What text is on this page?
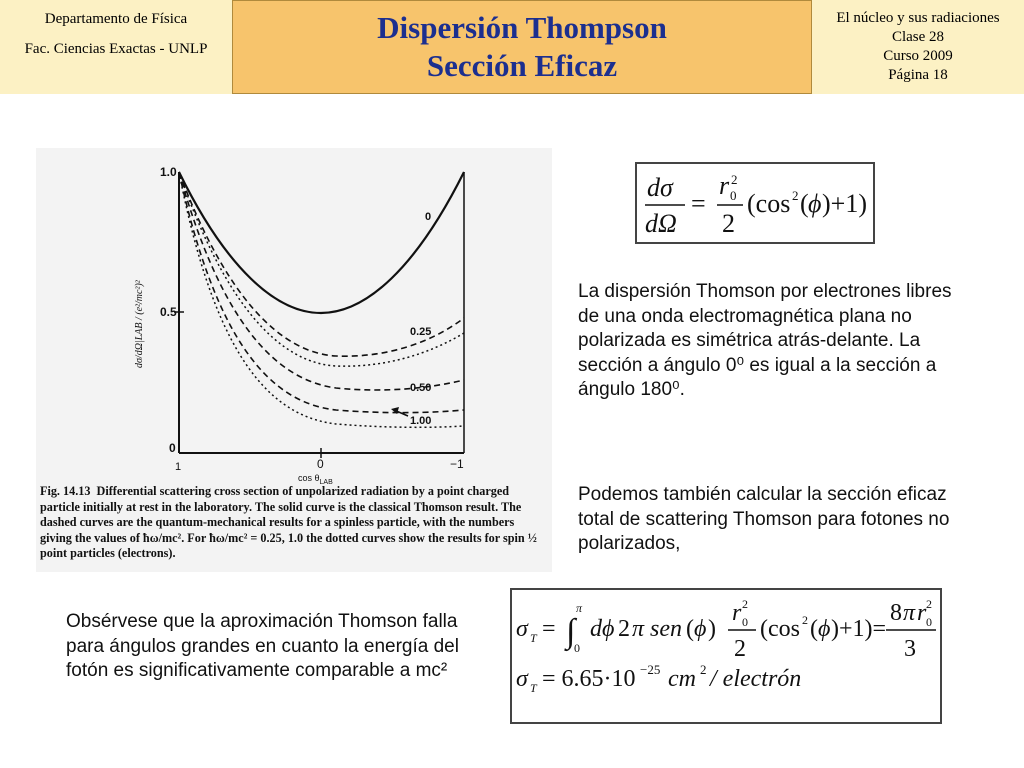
Departamento de Física
Fac. Ciencias Exactas - UNLP
Dispersión Thompson
Sección Eficaz
El núcleo y sus radiaciones
Clase 28
Curso 2009
Página 18
1.0
0.5
0
1	0	−1
$\cos \theta_{LAB}$
dσ/dΩ|LAB / (e²/mc²)²
0
0.25
0.50
1.00
Fig. 14.13 Differential scattering cross section of unpolarized radiation by a point charged particle initially at rest in the laboratory. The solid curve is the classical Thomson result. The dashed curves are the quantum-mechanical results for a spinless particle, with the numbers giving the values of ħω/mc². For ħω/mc² = 0.25, 1.0 the dotted curves show the results for spin ½ point particles (electrons).
dσ
dΩ
=
r 0
2
2
(cos 2 ( ϕ )+1)
La dispersión Thomson por electrones libres de una onda electromagnética plana no polarizada es simétrica atrás-delante. La sección a ángulo 0⁰ es igual a la sección a ángulo 180⁰.
Podemos también calcular la sección eficaz total de scattering Thomson para fotones no polarizados,
Obsérvese que la aproximación Thomson falla para ángulos grandes en cuanto la energía del fotón es significativamente comparable a mc²
σ T = ∫
π
0
dϕ 2 π sen ( ϕ )
r 0
2
2
(cos 2 ( ϕ )+1)=
8 π r 0
2
3
σ T = 6.65·10 −25 cm 2 / electrón
